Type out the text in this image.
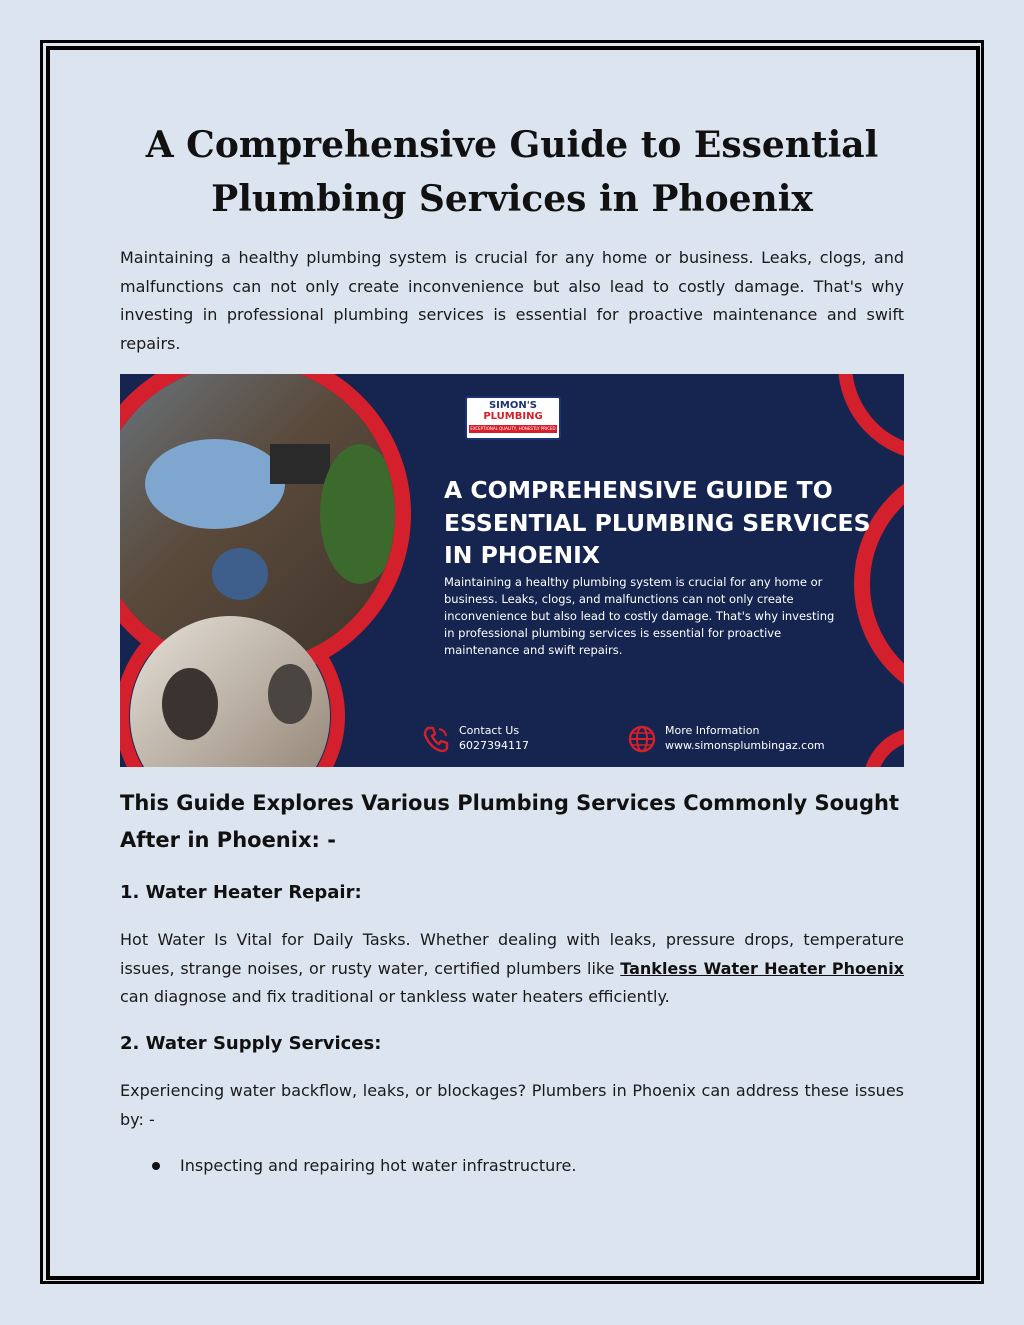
A Comprehensive Guide to Essential Plumbing Services in Phoenix

Maintaining a healthy plumbing system is crucial for any home or business. Leaks, clogs, and malfunctions can not only create inconvenience but also lead to costly damage. That's why investing in professional plumbing services is essential for proactive maintenance and swift repairs.

SIMON'S
PLUMBING
EXCEPTIONAL QUALITY, HONESTLY PRICED
A COMPREHENSIVE GUIDE TO ESSENTIAL PLUMBING SERVICES IN PHOENIX

Maintaining a healthy plumbing system is crucial for any home or business. Leaks, clogs, and malfunctions can not only create inconvenience but also lead to costly damage. That's why investing in professional plumbing services is essential for proactive maintenance and swift repairs.

Contact Us
6027394117
More Information
www.simonsplumbingaz.com
This Guide Explores Various Plumbing Services Commonly Sought After in Phoenix: -
1. Water Heater Repair:

Hot Water Is Vital for Daily Tasks. Whether dealing with leaks, pressure drops, temperature issues, strange noises, or rusty water, certified plumbers like Tankless Water Heater Phoenix can diagnose and fix traditional or tankless water heaters efficiently.

2. Water Supply Services:

Experiencing water backflow, leaks, or blockages? Plumbers in Phoenix can address these issues by: -

Inspecting and repairing hot water infrastructure.
